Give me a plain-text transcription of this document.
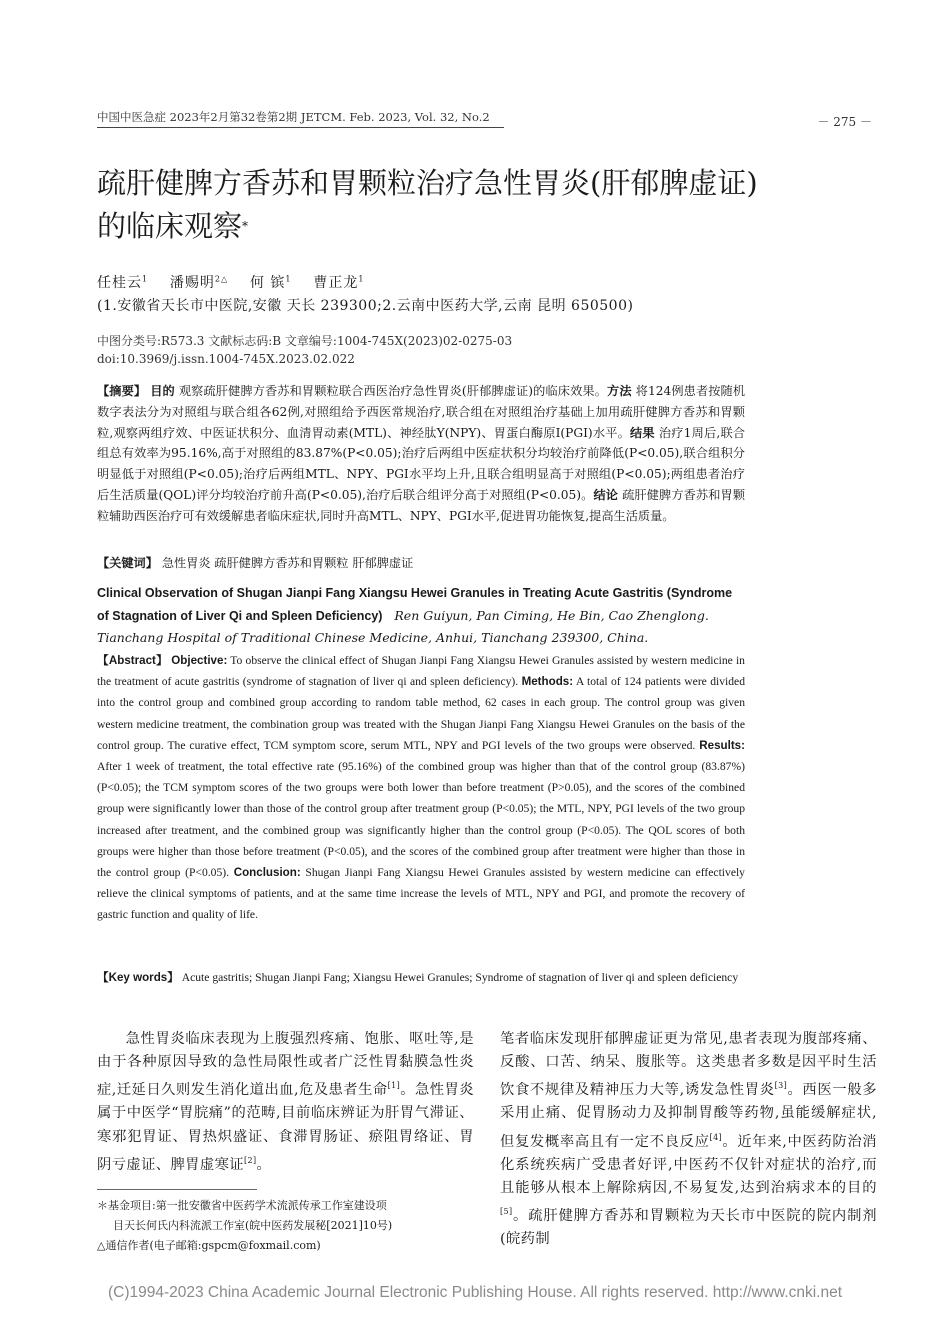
中国中医急症 2023年2月第32卷第2期 JETCM. Feb. 2023, Vol. 32, No.2	－ 275 －
疏肝健脾方香苏和胃颗粒治疗急性胃炎(肝郁脾虚证)的临床观察*
任桂云$^1$ 潘赐明$^{2\triangle}$ 何 镔$^1$ 曹正龙$^1$
(1.安徽省天长市中医院,安徽 天长 239300;2.云南中医药大学,云南 昆明 650500)
中图分类号:R573.3 文献标志码:B 文章编号:1004-745X(2023)02-0275-03
doi:10.3969/j.issn.1004-745X.2023.02.022
【摘要】 目的 观察疏肝健脾方香苏和胃颗粒联合西医治疗急性胃炎(肝郁脾虚证)的临床效果。方法 将124例患者按随机数字表法分为对照组与联合组各62例,对照组给予西医常规治疗,联合组在对照组治疗基础上加用疏肝健脾方香苏和胃颗粒,观察两组疗效、中医证状积分、血清胃动素(MTL)、神经肽Y(NPY)、胃蛋白酶原I(PGI)水平。结果 治疗1周后,联合组总有效率为95.16%,高于对照组的83.87%(P<0.05);治疗后两组中医症状积分均较治疗前降低(P<0.05),联合组积分明显低于对照组(P<0.05);治疗后两组MTL、NPY、PGI水平均上升,且联合组明显高于对照组(P<0.05);两组患者治疗后生活质量(QOL)评分均较治疗前升高(P<0.05),治疗后联合组评分高于对照组(P<0.05)。结论 疏肝健脾方香苏和胃颗粒辅助西医治疗可有效缓解患者临床症状,同时升高MTL、NPY、PGI水平,促进胃功能恢复,提高生活质量。
【关键词】 急性胃炎 疏肝健脾方香苏和胃颗粒 肝郁脾虚证
Clinical Observation of Shugan Jianpi Fang Xiangsu Hewei Granules in Treating Acute Gastritis (Syndrome of Stagnation of Liver Qi and Spleen Deficiency) Ren Guiyun, Pan Ciming, He Bin, Cao Zhenglong. Tianchang Hospital of Traditional Chinese Medicine, Anhui, Tianchang 239300, China.
【Abstract】 Objective: To observe the clinical effect of Shugan Jianpi Fang Xiangsu Hewei Granules assisted by western medicine in the treatment of acute gastritis (syndrome of stagnation of liver qi and spleen deficiency). Methods: A total of 124 patients were divided into the control group and combined group according to random table method, 62 cases in each group. The control group was given western medicine treatment, the combination group was treated with the Shugan Jianpi Fang Xiangsu Hewei Granules on the basis of the control group. The curative effect, TCM symptom score, serum MTL, NPY and PGI levels of the two groups were observed. Results: After 1 week of treatment, the total effective rate (95.16%) of the combined group was higher than that of the control group (83.87%) (P<0.05); the TCM symptom scores of the two groups were both lower than before treatment (P>0.05), and the scores of the combined group were significantly lower than those of the control group after treatment group (P<0.05); the MTL, NPY, PGI levels of the two group increased after treatment, and the combined group was significantly higher than the control group (P<0.05). The QOL scores of both groups were higher than those before treatment (P<0.05), and the scores of the combined group after treatment were higher than those in the control group (P<0.05). Conclusion: Shugan Jianpi Fang Xiangsu Hewei Granules assisted by western medicine can effectively relieve the clinical symptoms of patients, and at the same time increase the levels of MTL, NPY and PGI, and promote the recovery of gastric function and quality of life.
【Key words】 Acute gastritis; Shugan Jianpi Fang; Xiangsu Hewei Granules; Syndrome of stagnation of liver qi and spleen deficiency

急性胃炎临床表现为上腹强烈疼痛、饱胀、呕吐等,是由于各种原因导致的急性局限性或者广泛性胃黏膜急性炎症,迁延日久则发生消化道出血,危及患者生命[1]。急性胃炎属于中医学“胃脘痛”的范畴,目前临床辨证为肝胃气滞证、寒邪犯胃证、胃热炽盛证、食滞胃肠证、瘀阻胃络证、胃阴亏虚证、脾胃虚寒证[2]。

笔者临床发现肝郁脾虚证更为常见,患者表现为腹部疼痛、反酸、口苦、纳呆、腹胀等。这类患者多数是因平时生活饮食不规律及精神压力大等,诱发急性胃炎[3]。西医一般多采用止痛、促胃肠动力及抑制胃酸等药物,虽能缓解症状,但复发概率高且有一定不良反应[4]。近年来,中医药防治消化系统疾病广受患者好评,中医药不仅针对症状的治疗,而且能够从根本上解除病因,不易复发,达到治病求本的目的[5]。疏肝健脾方香苏和胃颗粒为天长市中医院的院内制剂(皖药制

＊基金项目:第一批安徽省中医药学术流派传承工作室建设项
目天长何氏内科流派工作室(皖中医药发展秘[2021]10号)
△通信作者(电子邮箱:gspcm@foxmail.com)
(C)1994-2023 China Academic Journal Electronic Publishing House. All rights reserved. http://www.cnki.net
